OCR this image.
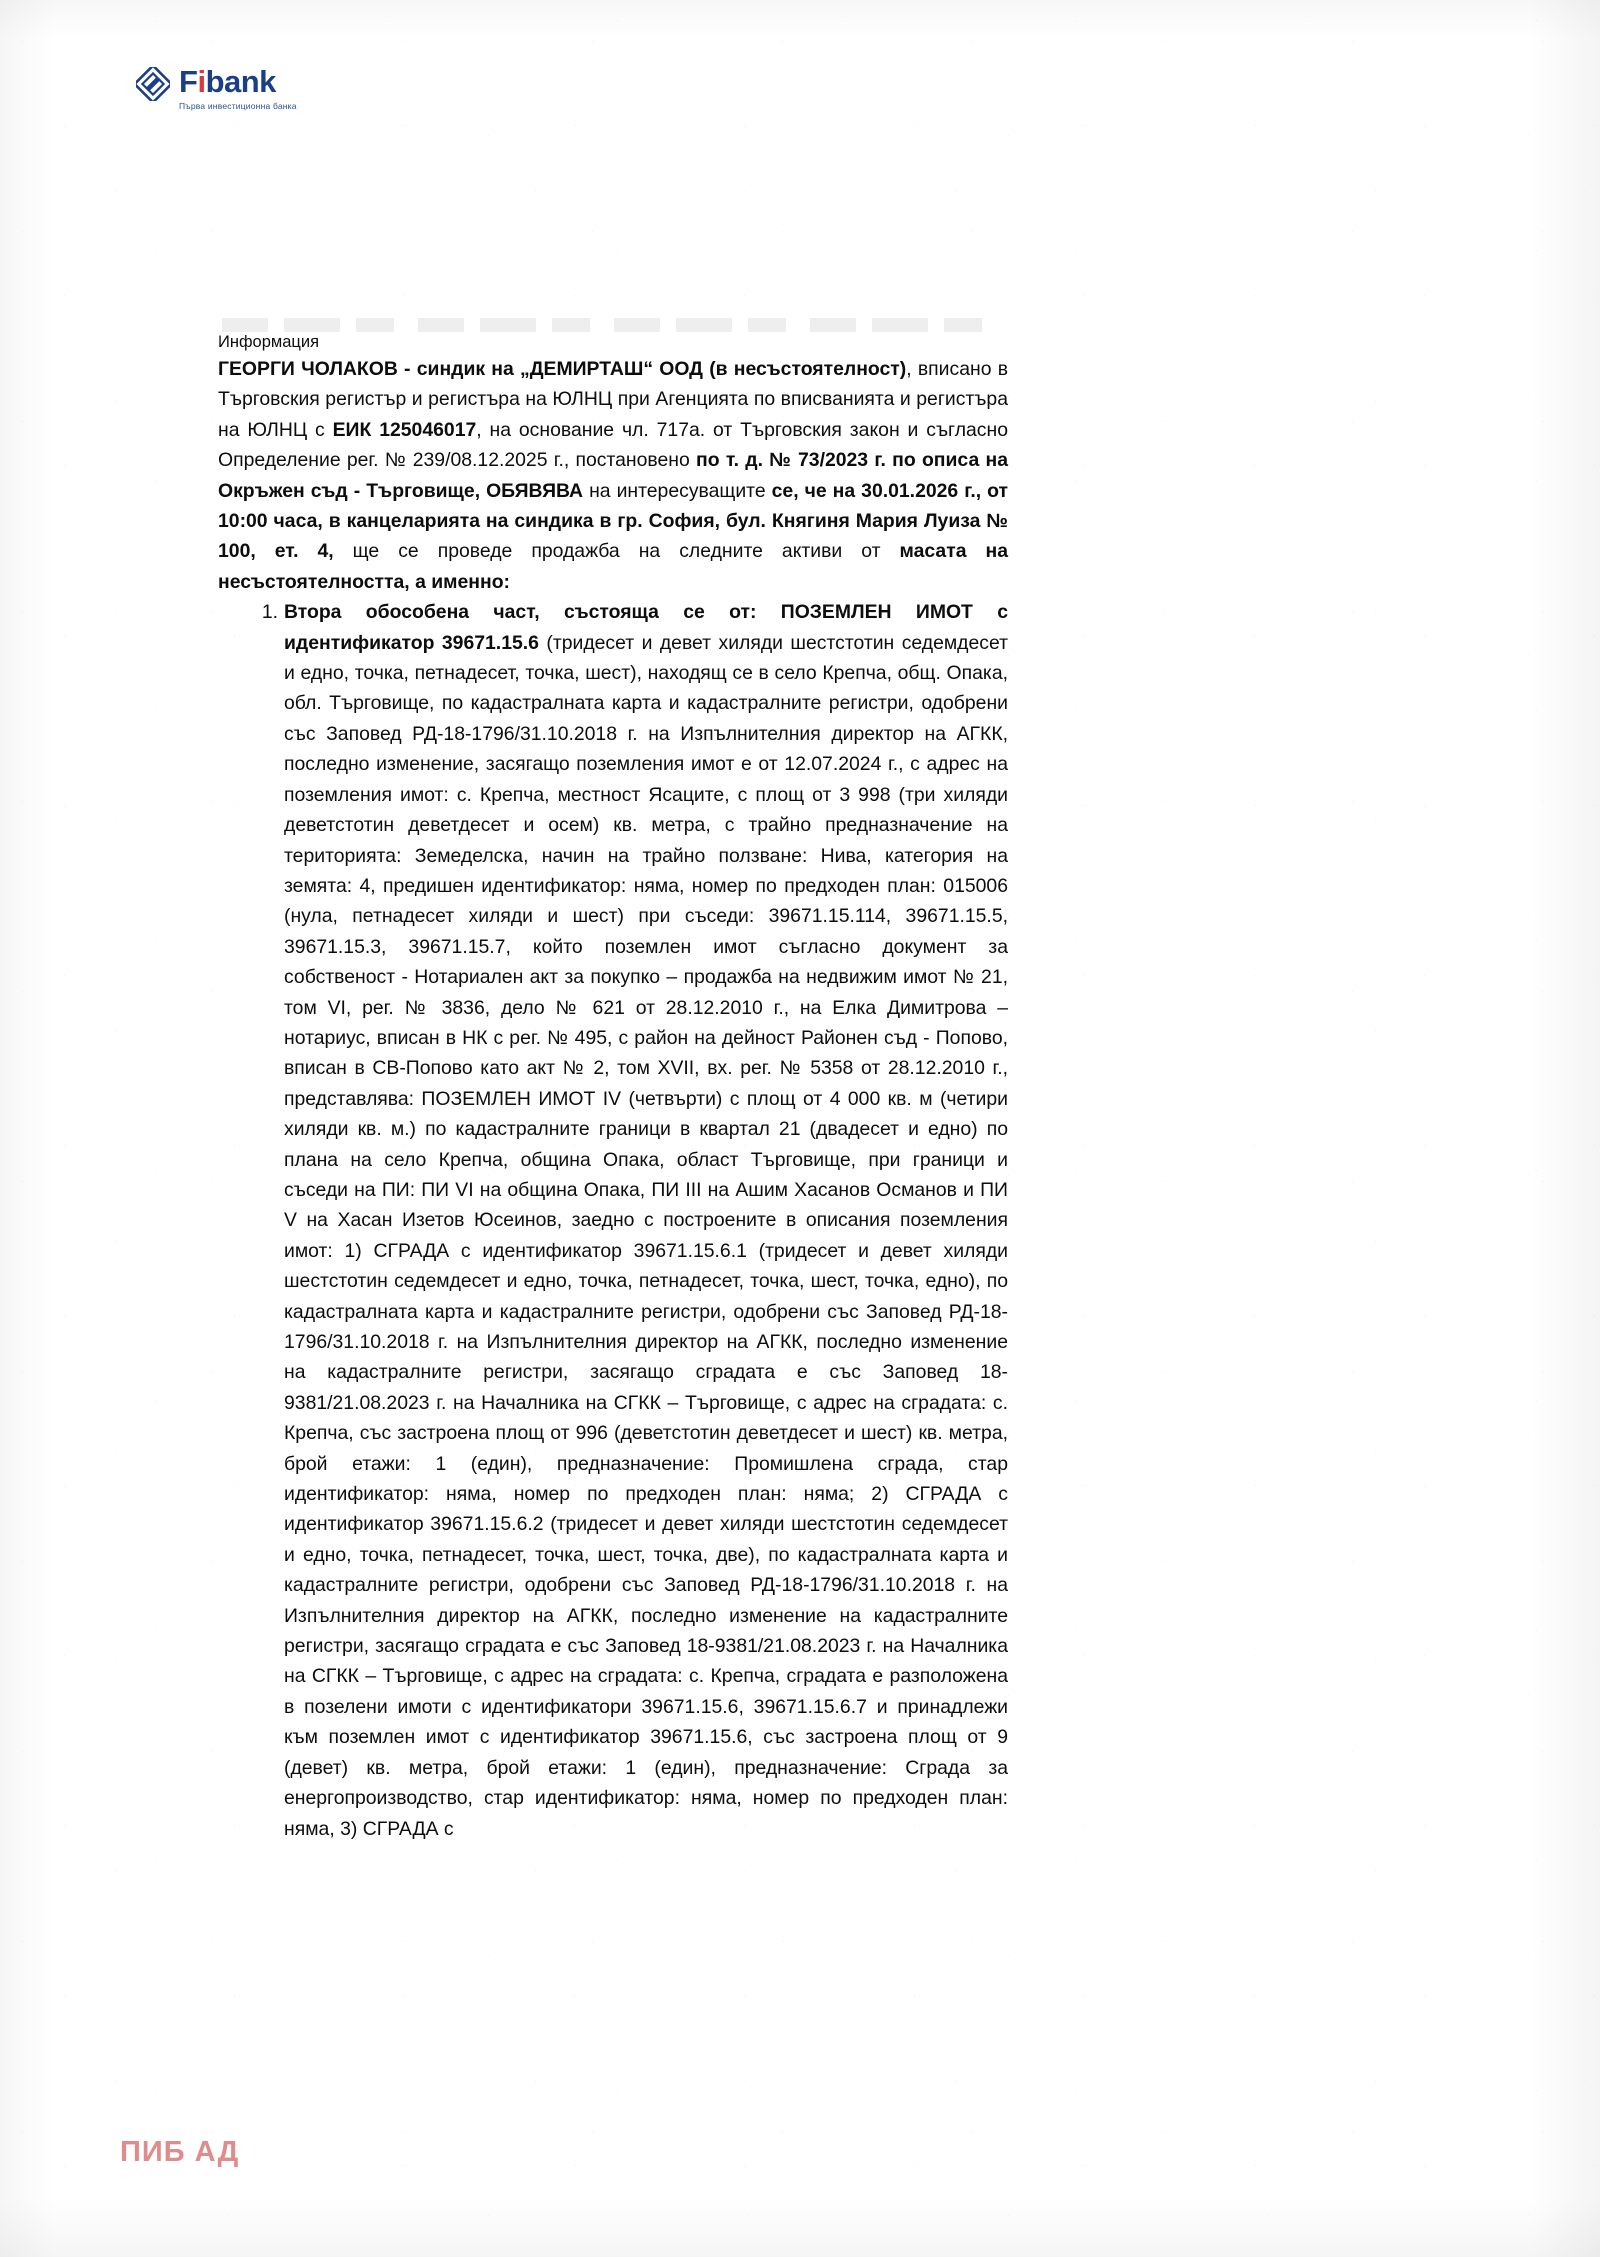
Fibank
Първа инвестиционна банка

Информация

ГЕОРГИ ЧОЛАКОВ - синдик на „ДЕМИРТАШ“ ООД (в несъстоятелност), вписано в Търговския регистър и регистъра на ЮЛНЦ при Агенцията по вписванията и регистъра на ЮЛНЦ с ЕИК 125046017, на основание чл. 717а. от Търговския закон и съгласно Определение рег. № 239/08.12.2025 г., постановено по т. д. № 73/2023 г. по описа на Окръжен съд - Търговище, ОБЯВЯВА на интересуващите се, че на 30.01.2026 г., от 10:00 часа, в канцеларията на синдика в гр. София, бул. Княгиня Мария Луиза № 100, ет. 4, ще се проведе продажба на следните активи от масата на несъстоятелността, а именно:

1. Втора обособена част, състояща се от: ПОЗЕМЛЕН ИМОТ с идентификатор 39671.15.6 (тридесет и девет хиляди шестстотин седемдесет и едно, точка, петнадесет, точка, шест), находящ се в село Крепча, общ. Опака, обл. Търговище, по кадастралната карта и кадастралните регистри, одобрени със Заповед РД-18-1796/31.10.2018 г. на Изпълнителния директор на АГКК, последно изменение, засягащо поземления имот е от 12.07.2024 г., с адрес на поземления имот: с. Крепча, местност Ясаците, с площ от 3 998 (три хиляди деветстотин деветдесет и осем) кв. метра, с трайно предназначение на територията: Земеделска, начин на трайно ползване: Нива, категория на земята: 4, предишен идентификатор: няма, номер по предходен план: 015006 (нула, петнадесет хиляди и шест) при съседи: 39671.15.114, 39671.15.5, 39671.15.3, 39671.15.7, който поземлен имот съгласно документ за собственост - Нотариален акт за покупко – продажба на недвижим имот № 21, том VI, рег. № 3836, дело № 621 от 28.12.2010 г., на Елка Димитрова – нотариус, вписан в НК с рег. № 495, с район на дейност Районен съд - Попово, вписан в СВ-Попово като акт № 2, том XVII, вх. рег. № 5358 от 28.12.2010 г., представлява: ПОЗЕМЛЕН ИМОТ IV (четвърти) с площ от 4 000 кв. м (четири хиляди кв. м.) по кадастралните граници в квартал 21 (двадесет и едно) по плана на село Крепча, община Опака, област Търговище, при граници и съседи на ПИ: ПИ VI на община Опака, ПИ III на Ашим Хасанов Османов и ПИ V на Хасан Изетов Юсеинов, заедно с построените в описания поземления имот: 1) СГРАДА с идентификатор 39671.15.6.1 (тридесет и девет хиляди шестстотин седемдесет и едно, точка, петнадесет, точка, шест, точка, едно), по кадастралната карта и кадастралните регистри, одобрени със Заповед РД-18-1796/31.10.2018 г. на Изпълнителния директор на АГКК, последно изменение на кадастралните регистри, засягащо сградата е със Заповед 18-9381/21.08.2023 г. на Началника на СГКК – Търговище, с адрес на сградата: с. Крепча, със застроена площ от 996 (деветстотин деветдесет и шест) кв. метра, брой етажи: 1 (един), предназначение: Промишлена сграда, стар идентификатор: няма, номер по предходен план: няма; 2) СГРАДА с идентификатор 39671.15.6.2 (тридесет и девет хиляди шестстотин седемдесет и едно, точка, петнадесет, точка, шест, точка, две), по кадастралната карта и кадастралните регистри, одобрени със Заповед РД-18-1796/31.10.2018 г. на Изпълнителния директор на АГКК, последно изменение на кадастралните регистри, засягащо сградата е със Заповед 18-9381/21.08.2023 г. на Началника на СГКК – Търговище, с адрес на сградата: с. Крепча, сградата е разположена в позелени имоти с идентификатори 39671.15.6, 39671.15.6.7 и принадлежи към поземлен имот с идентификатор 39671.15.6, със застроена площ от 9 (девет) кв. метра, брой етажи: 1 (един), предназначение: Сграда за енергопроизводство, стар идентификатор: няма, номер по предходен план: няма, 3) СГРАДА с
ПИБ АД
